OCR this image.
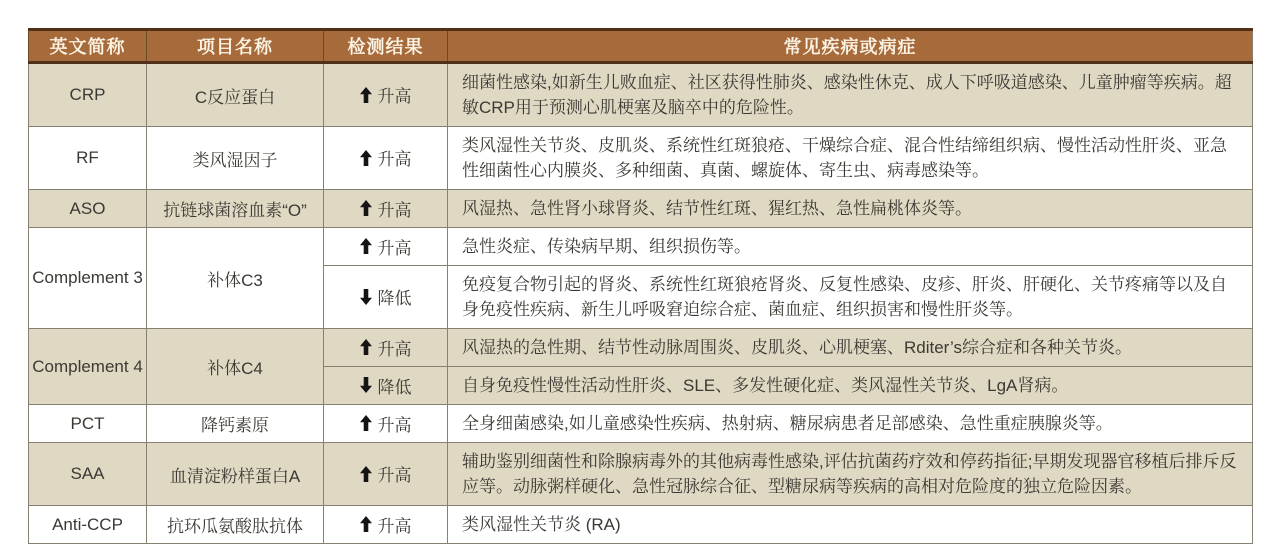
英文简称	项目名称	检测结果	常见疾病或病症
CRP	C反应蛋白	升高	细菌性感染,如新生儿败血症、社区获得性肺炎、感染性休克、成人下呼吸道感染、儿童肿瘤等疾病。超敏CRP用于预测心肌梗塞及脑卒中的危险性。
RF	类风湿因子	升高	类风湿性关节炎、皮肌炎、系统性红斑狼疮、干燥综合症、混合性结缔组织病、慢性活动性肝炎、亚急性细菌性心内膜炎、多种细菌、真菌、螺旋体、寄生虫、病毒感染等。
ASO	抗链球菌溶血素“O”	升高	风湿热、急性肾小球肾炎、结节性红斑、猩红热、急性扁桃体炎等。
Complement 3	补体C3	升高	急性炎症、传染病早期、组织损伤等。

		降低	免疫复合物引起的肾炎、系统性红斑狼疮肾炎、反复性感染、皮疹、肝炎、肝硬化、关节疼痛等以及自身免疫性疾病、新生儿呼吸窘迫综合症、菌血症、组织损害和慢性肝炎等。
Complement 4	补体C4	升高	风湿热的急性期、结节性动脉周围炎、皮肌炎、心肌梗塞、Rditer’s综合症和各种关节炎。

		降低	自身免疫性慢性活动性肝炎、SLE、多发性硬化症、类风湿性关节炎、LgA肾病。
PCT	降钙素原	升高	全身细菌感染,如儿童感染性疾病、热射病、糖尿病患者足部感染、急性重症胰腺炎等。
SAA	血清淀粉样蛋白A	升高	辅助鉴别细菌性和除腺病毒外的其他病毒性感染,评估抗菌药疗效和停药指征;早期发现器官移植后排斥反应等。动脉粥样硬化、急性冠脉综合征、型糖尿病等疾病的高相对危险度的独立危险因素。
Anti-CCP	抗环瓜氨酸肽抗体	升高	类风湿性关节炎 (RA)
